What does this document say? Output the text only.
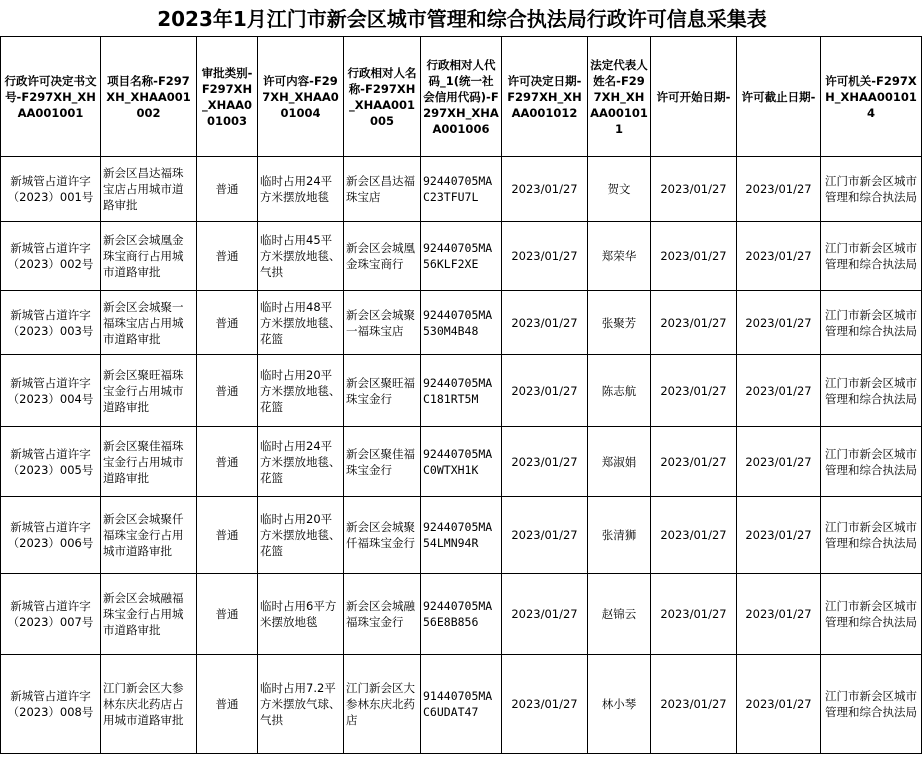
2023年1月江门市新会区城市管理和综合执法局行政许可信息采集表
行政许可决定书文号-F297XH_XHAA001001	项目名称-F297XH_XHAA001002	审批类别-F297XH_XHAA001003	许可内容-F297XH_XHAA001004	行政相对人名称-F297XH_XHAA001005	行政相对人代码_1(统一社会信用代码)-F297XH_XHAA001006	许可决定日期-F297XH_XHAA001012	法定代表人姓名-F297XH_XHAA001011	许可开始日期-	许可截止日期-	许可机关-F297XH_XHAA001014
新城管占道许字（2023）001号	新会区昌达福珠宝店占用城市道路审批	普通	临时占用24平方米摆放地毯	新会区昌达福珠宝店	92440705MAC23TFU7L	2023/01/27	贺文	2023/01/27	2023/01/27	江门市新会区城市管理和综合执法局
新城管占道许字（2023）002号	新会区会城凰金珠宝商行占用城市道路审批	普通	临时占用45平方米摆放地毯、气拱	新会区会城凰金珠宝商行	92440705MA56KLF2XE	2023/01/27	郑荣华	2023/01/27	2023/01/27	江门市新会区城市管理和综合执法局
新城管占道许字（2023）003号	新会区会城聚一福珠宝店占用城市道路审批	普通	临时占用48平方米摆放地毯、花篮	新会区会城聚一福珠宝店	92440705MA530M4B48	2023/01/27	张聚芳	2023/01/27	2023/01/27	江门市新会区城市管理和综合执法局
新城管占道许字（2023）004号	新会区聚旺福珠宝金行占用城市道路审批	普通	临时占用20平方米摆放地毯、花篮	新会区聚旺福珠宝金行	92440705MAC181RT5M	2023/01/27	陈志航	2023/01/27	2023/01/27	江门市新会区城市管理和综合执法局
新城管占道许字（2023）005号	新会区聚佳福珠宝金行占用城市道路审批	普通	临时占用24平方米摆放地毯、花篮	新会区聚佳福珠宝金行	92440705MAC0WTXH1K	2023/01/27	郑淑娟	2023/01/27	2023/01/27	江门市新会区城市管理和综合执法局
新城管占道许字（2023）006号	新会区会城聚仟福珠宝金行占用城市道路审批	普通	临时占用20平方米摆放地毯、花篮	新会区会城聚仟福珠宝金行	92440705MA54LMN94R	2023/01/27	张清狮	2023/01/27	2023/01/27	江门市新会区城市管理和综合执法局
新城管占道许字（2023）007号	新会区会城融福珠宝金行占用城市道路审批	普通	临时占用6平方米摆放地毯	新会区会城融福珠宝金行	92440705MA56E8B856	2023/01/27	赵锦云	2023/01/27	2023/01/27	江门市新会区城市管理和综合执法局
新城管占道许字（2023）008号	江门新会区大参林东庆北药店占用城市道路审批	普通	临时占用7.2平方米摆放气球、气拱	江门新会区大参林东庆北药店	91440705MAC6UDAT47	2023/01/27	林小琴	2023/01/27	2023/01/27	江门市新会区城市管理和综合执法局
